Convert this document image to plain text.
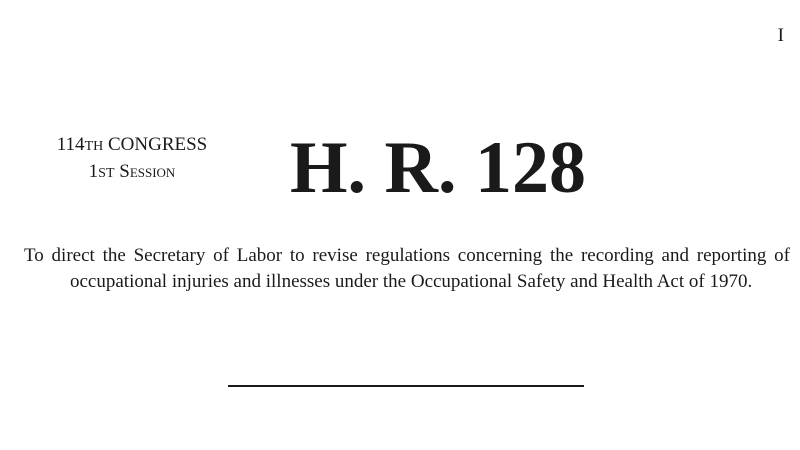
I
114TH CONGRESS
1ST Session	H. R. 128
To direct the Secretary of Labor to revise regulations concerning the recording and reporting of occupational injuries and illnesses under the Occupational Safety and Health Act of 1970.
